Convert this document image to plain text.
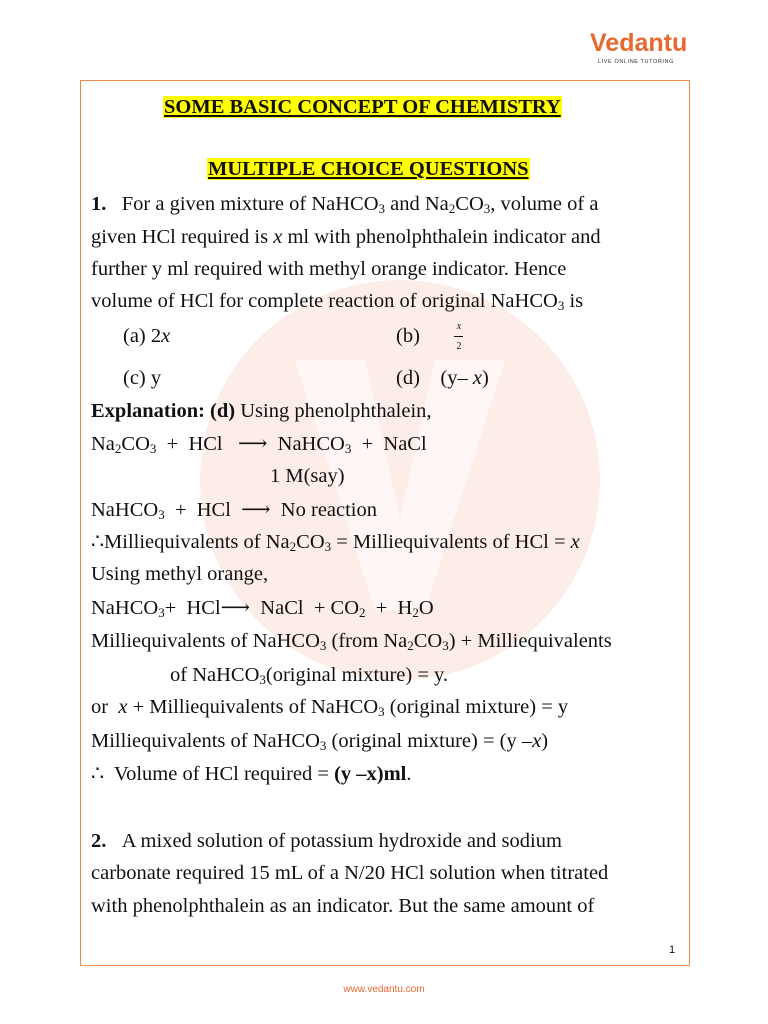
Vedantu
LIVE ONLINE TUTORING
SOME BASIC CONCEPT OF CHEMISTRY
MULTIPLE CHOICE QUESTIONS
1.   For a given mixture of NaHCO$_3$ and $Na_2CO_3$, volume of a
given HCl required is x ml with phenolphthalein indicator and
further y ml required with methyl orange indicator. Hence
volume of HCl for complete reaction of original NaHCO$_3$ is
(a) 2x	(b)	x
2
(c) y	(d) (y– x)
Explanation: (d) Using phenolphthalein,
$Na_2CO_3$  +  HCl   ⟶  NaHCO$_3$  +  NaCl
1 M(say)
NaHCO$_3$  +  HCl  ⟶  No reaction
∴Milliequivalents of $Na_2CO_3$ = Milliequivalents of HCl = x
Using methyl orange,
NaHCO$_3$+  HCl⟶  NaCl  + $CO_2 + H_2O$
Milliequivalents of NaHCO$_3$ (from $Na_2CO_3$) + Milliequivalents
of NaHCO$_3$(original mixture) = y.
or  x + Milliequivalents of NaHCO$_3$ (original mixture) = y
Milliequivalents of NaHCO$_3$ (original mixture) = (y –x)
∴  Volume of HCl required = (y –x)ml.
2. A mixed solution of potassium hydroxide and sodium
carbonate required 15 mL of a N/20 HCl solution when titrated
with phenolphthalein as an indicator. But the same amount of
1
www.vedantu.com
